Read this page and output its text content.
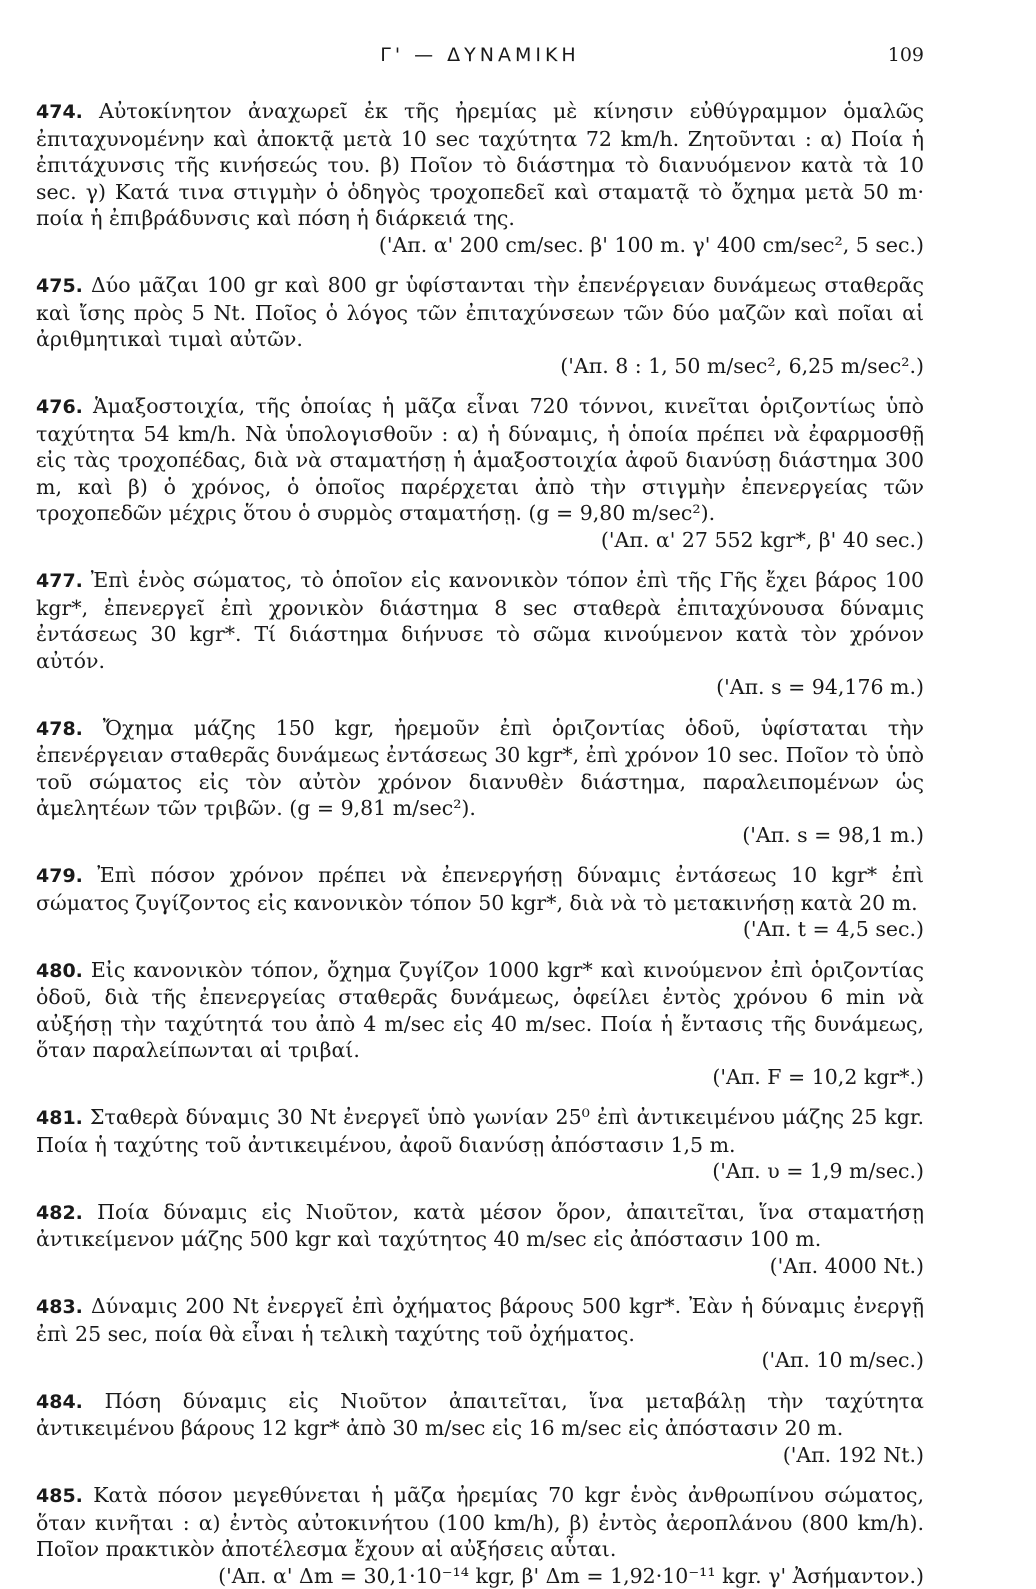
Γ' — ΔΥΝΑΜΙΚΗ	109

474. Αὐτοκίνητον ἀναχωρεῖ ἐκ τῆς ἠρεμίας μὲ κίνησιν εὐθύγραμμον ὁμαλῶς ἐπιταχυνομένην καὶ ἀποκτᾷ μετὰ 10 sec ταχύτητα 72 km/h. Ζητοῦνται : α) Ποία ἡ ἐπιτάχυνσις τῆς κινήσεώς του. β) Ποῖον τὸ διάστημα τὸ διανυόμενον κατὰ τὰ 10 sec. γ) Κατά τινα στιγμὴν ὁ ὁδηγὸς τροχοπεδεῖ καὶ σταματᾷ τὸ ὄχημα μετὰ 50 m· ποία ἡ ἐπιβράδυνσις καὶ πόση ἡ διάρκειά της.

('Απ. α' 200 cm/sec. β' 100 m. γ' 400 cm/sec², 5 sec.)

475. Δύο μᾶζαι 100 gr καὶ 800 gr ὑφίστανται τὴν ἐπενέργειαν δυνάμεως σταθερᾶς καὶ ἴσης πρὸς 5 Nt. Ποῖος ὁ λόγος τῶν ἐπιταχύνσεων τῶν δύο μαζῶν καὶ ποῖαι αἱ ἀριθμητικαὶ τιμαὶ αὐτῶν.

('Απ. 8 : 1, 50 m/sec², 6,25 m/sec².)

476. Ἁμαξοστοιχία, τῆς ὁποίας ἡ μᾶζα εἶναι 720 τόννοι, κινεῖται ὁριζοντίως ὑπὸ ταχύτητα 54 km/h. Νὰ ὑπολογισθοῦν : α) ἡ δύναμις, ἡ ὁποία πρέπει νὰ ἐφαρμοσθῇ εἰς τὰς τροχοπέδας, διὰ νὰ σταματήσῃ ἡ ἁμαξοστοιχία ἀφοῦ διανύσῃ διάστημα 300 m, καὶ β) ὁ χρόνος, ὁ ὁποῖος παρέρχεται ἀπὸ τὴν στιγμὴν ἐπενεργείας τῶν τροχοπεδῶν μέχρις ὅτου ὁ συρμὸς σταματήσῃ. (g = 9,80 m/sec²).

('Απ. α' 27 552 kgr*, β' 40 sec.)

477. Ἐπὶ ἑνὸς σώματος, τὸ ὁποῖον εἰς κανονικὸν τόπον ἐπὶ τῆς Γῆς ἔχει βάρος 100 kgr*, ἐπενεργεῖ ἐπὶ χρονικὸν διάστημα 8 sec σταθερὰ ἐπιταχύνουσα δύναμις ἐντάσεως 30 kgr*. Τί διάστημα διήνυσε τὸ σῶμα κινούμενον κατὰ τὸν χρόνον αὐτόν.

('Απ. s = 94,176 m.)

478. Ὄχημα μάζης 150 kgr, ἠρεμοῦν ἐπὶ ὁριζοντίας ὁδοῦ, ὑφίσταται τὴν ἐπενέργειαν σταθερᾶς δυνάμεως ἐντάσεως 30 kgr*, ἐπὶ χρόνον 10 sec. Ποῖον τὸ ὑπὸ τοῦ σώματος εἰς τὸν αὐτὸν χρόνον διανυθὲν διάστημα, παραλειπομένων ὡς ἀμελητέων τῶν τριβῶν. (g = 9,81 m/sec²).

('Απ. s = 98,1 m.)

479. Ἐπὶ πόσον χρόνον πρέπει νὰ ἐπενεργήσῃ δύναμις ἐντάσεως 10 kgr* ἐπὶ σώματος ζυγίζοντος εἰς κανονικὸν τόπον 50 kgr*, διὰ νὰ τὸ μετακινήσῃ κατὰ 20 m.

('Απ. t = 4,5 sec.)

480. Εἰς κανονικὸν τόπον, ὄχημα ζυγίζον 1000 kgr* καὶ κινούμενον ἐπὶ ὁριζοντίας ὁδοῦ, διὰ τῆς ἐπενεργείας σταθερᾶς δυνάμεως, ὀφείλει ἐντὸς χρόνου 6 min νὰ αὐξήσῃ τὴν ταχύτητά του ἀπὸ 4 m/sec εἰς 40 m/sec. Ποία ἡ ἔντασις τῆς δυνάμεως, ὅταν παραλείπωνται αἱ τριβαί.

('Απ. F = 10,2 kgr*.)

481. Σταθερὰ δύναμις 30 Nt ἐνεργεῖ ὑπὸ γωνίαν 25⁰ ἐπὶ ἀντικειμένου μάζης 25 kgr. Ποία ἡ ταχύτης τοῦ ἀντικειμένου, ἀφοῦ διανύσῃ ἀπόστασιν 1,5 m.

('Απ. υ = 1,9 m/sec.)

482. Ποία δύναμις εἰς Νιοῦτον, κατὰ μέσον ὅρον, ἀπαιτεῖται, ἵνα σταματήσῃ ἀντικείμενον μάζης 500 kgr καὶ ταχύτητος 40 m/sec εἰς ἀπόστασιν 100 m.

('Απ. 4000 Nt.)

483. Δύναμις 200 Nt ἐνεργεῖ ἐπὶ ὀχήματος βάρους 500 kgr*. Ἐὰν ἡ δύναμις ἐνεργῇ ἐπὶ 25 sec, ποία θὰ εἶναι ἡ τελικὴ ταχύτης τοῦ ὀχήματος.

('Απ. 10 m/sec.)

484. Πόση δύναμις εἰς Νιοῦτον ἀπαιτεῖται, ἵνα μεταβάλῃ τὴν ταχύτητα ἀντικειμένου βάρους 12 kgr* ἀπὸ 30 m/sec εἰς 16 m/sec εἰς ἀπόστασιν 20 m.

('Απ. 192 Nt.)

485. Κατὰ πόσον μεγεθύνεται ἡ μᾶζα ἠρεμίας 70 kgr ἑνὸς ἀνθρωπίνου σώματος, ὅταν κινῆται : α) ἐντὸς αὐτοκινήτου (100 km/h), β) ἐντὸς ἀεροπλάνου (800 km/h). Ποῖον πρακτικὸν ἀποτέλεσμα ἔχουν αἱ αὐξήσεις αὗται.

('Απ. α' Δm = 30,1·10⁻¹⁴ kgr, β' Δm = 1,92·10⁻¹¹ kgr. γ' Ἀσήμαντον.)
